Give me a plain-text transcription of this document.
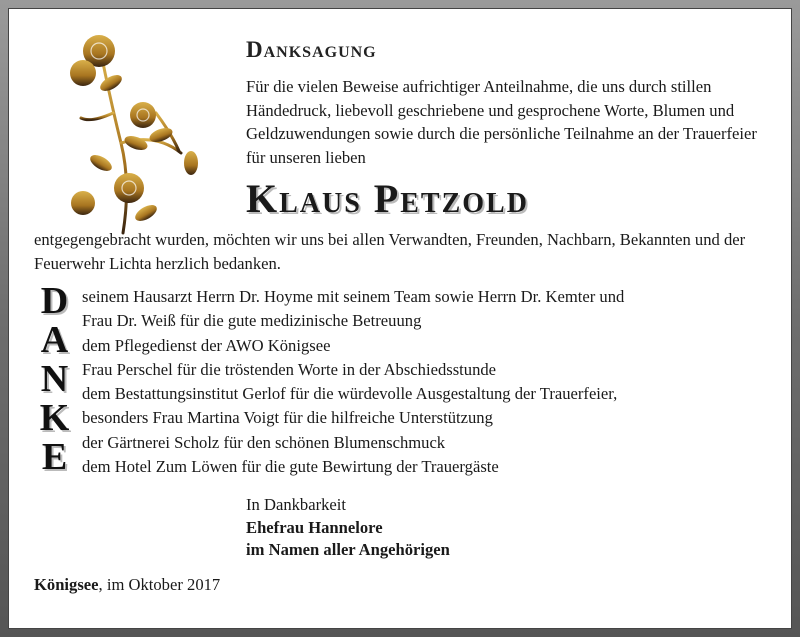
Danksagung
Für die vielen Beweise aufrichtiger Anteilnahme, die uns durch stillen Händedruck, liebevoll geschriebene und gesprochene Worte, Blumen und Geldzuwendungen sowie durch die persönliche Teilnahme an der Trauerfeier für unseren lieben
Klaus Petzold
entgegengebracht wurden, möchten wir uns bei allen Verwandten, Freunden, Nachbarn, Bekannten und der Feuerwehr Lichta herzlich bedanken.
D
A
N
K
E
seinem Hausarzt Herrn Dr. Hoyme mit seinem Team sowie Herrn Dr. Kemter und
Frau Dr. Weiß für die gute medizinische Betreuung
dem Pflegedienst der AWO Königsee
Frau Perschel für die tröstenden Worte in der Abschiedsstunde
dem Bestattungsinstitut Gerlof für die würdevolle Ausgestaltung der Trauerfeier,
besonders Frau Martina Voigt für die hilfreiche Unterstützung
der Gärtnerei Scholz für den schönen Blumenschmuck
dem Hotel Zum Löwen für die gute Bewirtung der Trauergäste
In Dankbarkeit
Ehefrau Hannelore
im Namen aller Angehörigen
Königsee, im Oktober 2017
